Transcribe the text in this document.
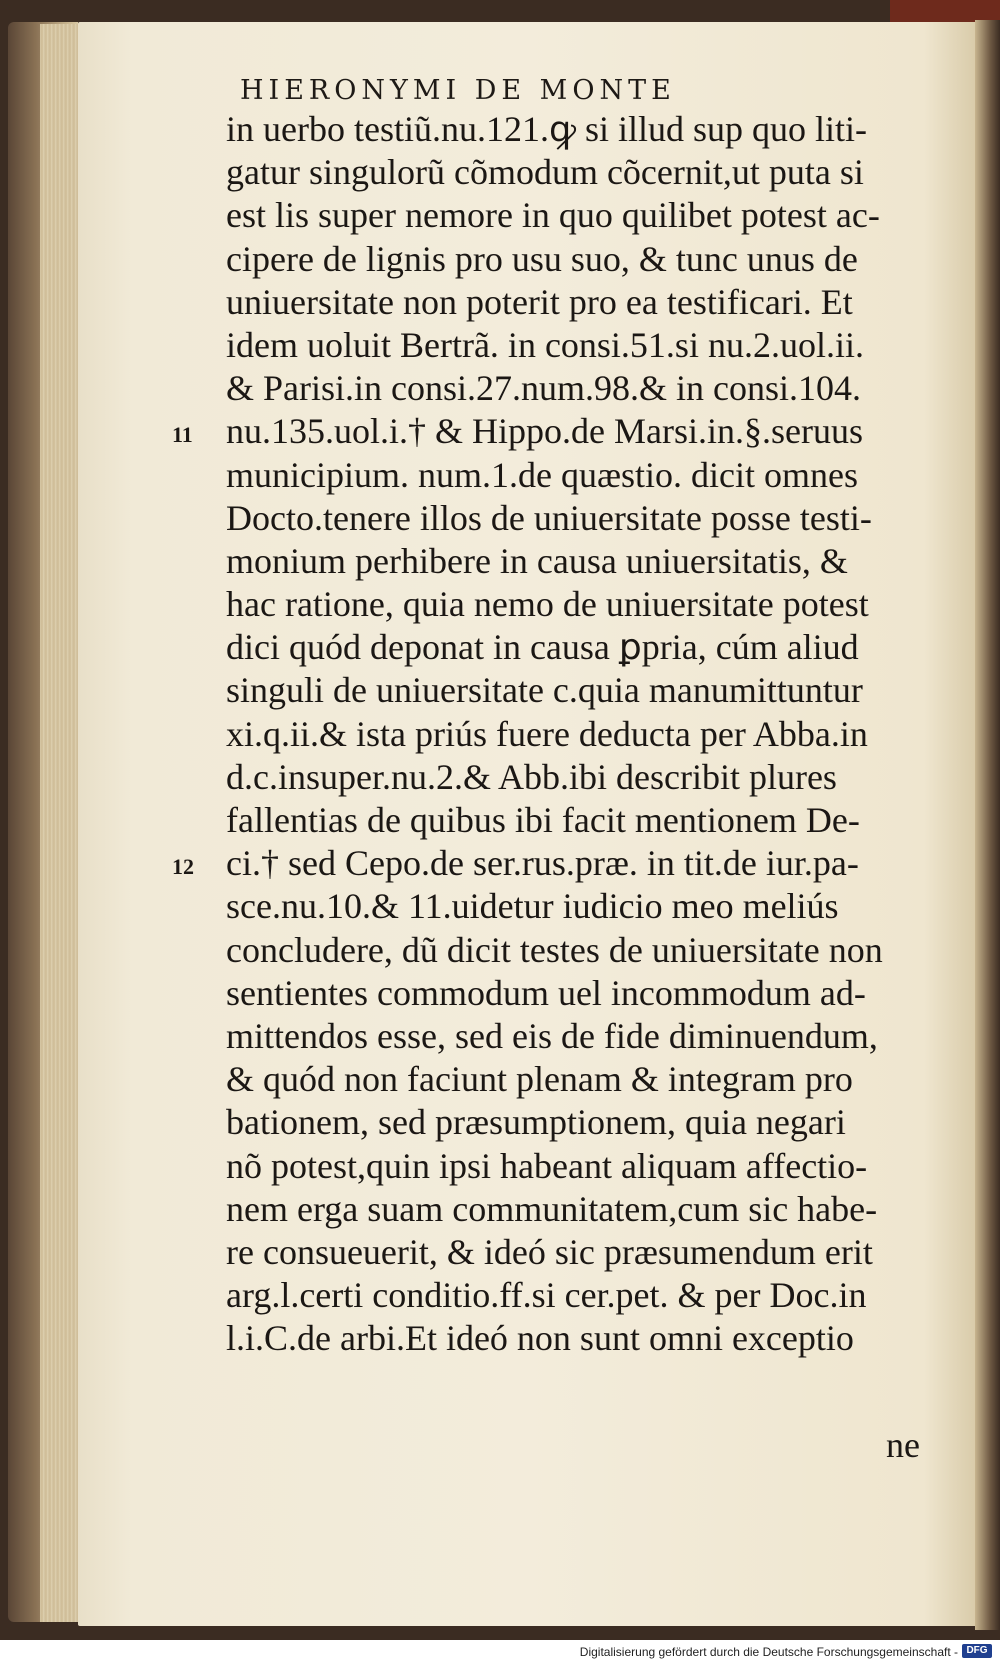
HIERONYMI DE MONTE
in uerbo testiũ.nu.121.ꝙ si illud sup quo liti-
gatur singulorũ cõmodum cõcernit,ut puta si
est lis super nemore in quo quilibet potest ac-
cipere de lignis pro usu suo, & tunc unus de
uniuersitate non poterit pro ea testificari. Et
idem uoluit Bertrã. in consi.51.si nu.2.uol.ii.
& Parisi.in consi.27.num.98.& in consi.104.
nu.135.uol.i.† & Hippo.de Marsi.in.§.seruus
municipium. num.1.de quæstio. dicit omnes
Docto.tenere illos de uniuersitate posse testi-
monium perhibere in causa uniuersitatis, &
hac ratione, quia nemo de uniuersitate potest
dici quód deponat in causa ꝑpria, cúm aliud
singuli de uniuersitate c.quia manumittuntur
xi.q.ii.& ista priús fuere deducta per Abba.in
d.c.insuper.nu.2.& Abb.ibi describit plures
fallentias de quibus ibi facit mentionem De-
ci.† sed Cepo.de ser.rus.præ. in tit.de iur.pa-
sce.nu.10.& 11.uidetur iudicio meo meliús
concludere, dũ dicit testes de uniuersitate non
sentientes commodum uel incommodum ad-
mittendos esse, sed eis de fide diminuendum,
& quód non faciunt plenam & integram pro
bationem, sed præsumptionem, quia negari
nõ potest,quin ipsi habeant aliquam affectio-
nem erga suam communitatem,cum sic habe-
re consueuerit, & ideó sic præsumendum erit
arg.l.certi conditio.ff.si cer.pet. & per Doc.in
l.i.C.de arbi.Et ideó non sunt omni exceptio
11
12
ne
Digitalisierung gefördert durch die Deutsche Forschungsgemeinschaft - DFG
